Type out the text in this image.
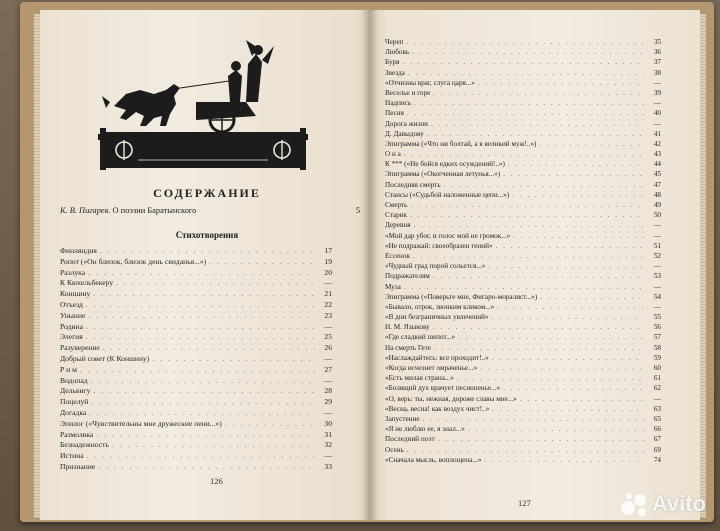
СОДЕРЖАНИЕ
К. В. Пигарев.
О поэзии Баратынского	5
Стихотворения
Финляндия . . .	17
Ропот («Он близок, близок день свиданья...») . . .	19
Разлука . . .	20
К Кюхельбекеру . . .	—
Коншину . . .	21
Отъезд . . .	22
Уныние . . .	23
Родина . . .	—
Элегия . . .	25
Разуверение . . .	26
Добрый совет (К Коншину) . . .	—
Р и м . . .	27
Водопад . . .	—
Дельвигу . . .	28
Поцелуй . . .	29
Догадка . . .	—
Эпилог («Чувствительны мне дружеские пени...») . . .	30
Размолвка . . .	31
Безнадежность . . .	32
Истина . . .	—
Признание . . .	33
Череп . . .	35
Любовь . . .	36
Буря . . .	37
Звезда . . .	38
«Отчизны враг, слуга царя...» . . .	—
Веселье и горе . . .	39
Надпись . . .	—
Песня . . .	40
Дорога жизни . . .	—
Д. Давыдову . . .	41
Эпиграмма («Что ни болтай, а я великий муж!..») . . .	42
О н а . . .	43
К *** («Не бойся едких осуждений!..») . . .	44
Эпиграмма («Окогченная летунья...») . . .	45
Последняя смерть . . .	47
Стансы («Судьбой наложенные цепи...») . . .	48
Смерть . . .	49
Старик . . .	50
Деревня . . .	—
«Мой дар убог, и голос мой не громок...» . . .	—
«Не подражай: своеобразен гений» . . .	51
Ессенок . . .	52
«Чудный град порой сольется...» . . .	—
Подражателям . . .	53
Муза . . .	—
Эпиграмма («Поверьте мне, Фигаро-моралист...») . . .	54
«Бывало, отрок, звонким кликом...» . . .	—
«В дни безграничных увлечений» . . .	55
Н. М. Языкову . . .	56
«Где сладкий шепот...» . . .	57
На смерть Гете . . .	58
«Наслаждайтесь: все проходит!..» . . .	59
«Когда исчезнет омраченье...» . . .	60
«Есть милая страна...» . . .	61
«Болящий дух врачует песнопенье...» . . .	62
«О, верь: ты, нежная, дороже славы мне...» . . .	—
«Весна, весна! как воздух чист!..» . . .	63
Запустение . . .	65
«Я не люблю ее, я знал...» . . .	66
Последний поэт . . .	67
Осень . . .	69
«Сначала мысль, воплощена...» . . .	74
126
127	Avito
